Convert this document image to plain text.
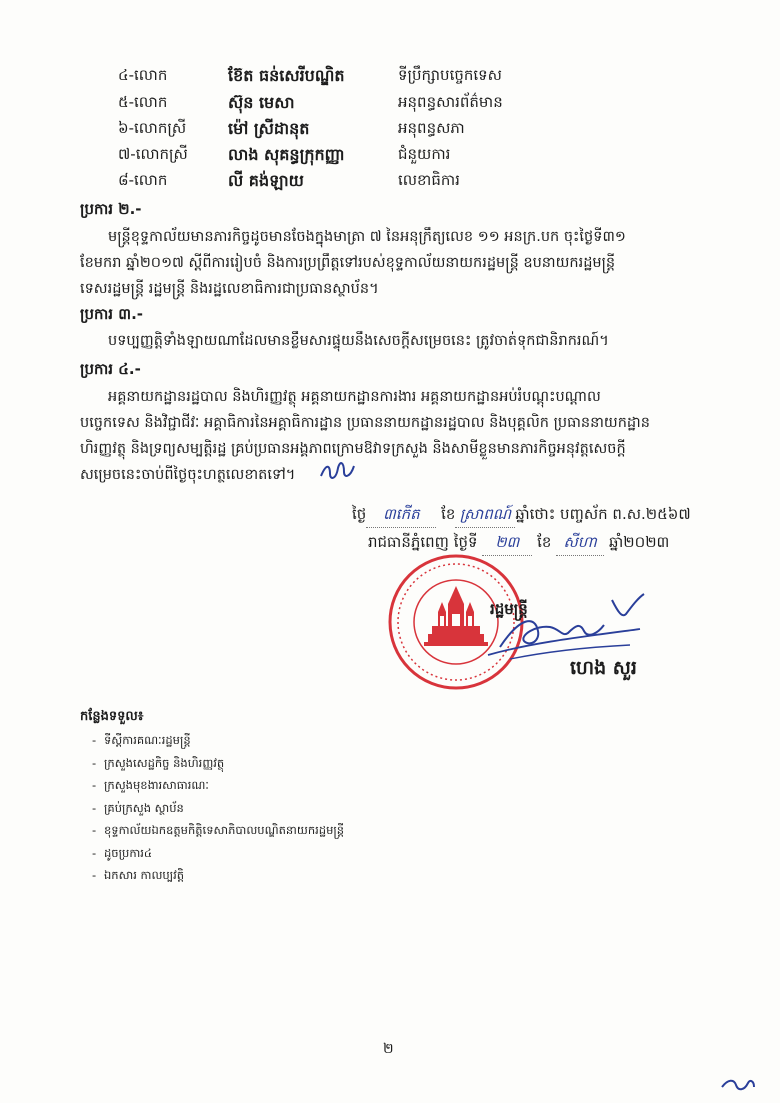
៤-លោក	ខ៊ែត ធន់សេរីបណ្ឌិត	ទីប្រឹក្សាបច្ចេកទេស
៥-លោក	ស៊ុន មេសា	អនុពន្ធសារព័ត៌មាន
៦-លោកស្រី	ម៉ៅ ស្រីដានុត	អនុពន្ធសភា
៧-លោកស្រី	លាង សុគន្ធក្រុកញ្ញា	ជំនួយការ
៨-លោក	លី គង់ឡាយ	លេខាធិការ
ប្រការ ២.-
មន្ត្រីខុទ្ទកាល័យមានភារកិច្ចដូចមានចែងក្នុងមាត្រា ៧ នៃអនុក្រឹត្យលេខ ១១ អនក្រ.បក ចុះថ្ងៃទី៣១
ខែមករា ឆ្នាំ២០១៧ ស្តីពីការរៀបចំ និងការប្រព្រឹត្តទៅរបស់ខុទ្ទកាល័យនាយករដ្ឋមន្ត្រី ឧបនាយករដ្ឋមន្ត្រី
ទេសរដ្ឋមន្ត្រី រដ្ឋមន្ត្រី និងរដ្ឋលេខាធិការជាប្រធានស្ថាប័ន។
ប្រការ ៣.-
បទប្បញ្ញត្តិទាំងឡាយណាដែលមានខ្លឹមសារផ្ទុយនឹងសេចក្តីសម្រេចនេះ ត្រូវចាត់ទុកជានិរាករណ៍។
ប្រការ ៤.-
អគ្គនាយកដ្ឋានរដ្ឋបាល និងហិរញ្ញវត្ថុ អគ្គនាយកដ្ឋានការងារ អគ្គនាយកដ្ឋានអប់រំបណ្តុះបណ្តាល
បច្ចេកទេស និងវិជ្ជាជីវៈ អគ្គាធិការនៃអគ្គាធិការដ្ឋាន ប្រធាននាយកដ្ឋានរដ្ឋបាល និងបុគ្គលិក ប្រធាននាយកដ្ឋាន
ហិរញ្ញវត្ថុ និងទ្រព្យសម្បត្តិរដ្ឋ គ្រប់ប្រធានអង្គភាពក្រោមឱវាទក្រសួង និងសាមីខ្លួនមានភារកិច្ចអនុវត្តសេចក្តី
សម្រេចនេះចាប់ពីថ្ងៃចុះហត្ថលេខាតទៅ។
ថ្ងៃ ៣កើត ខែ ស្រាពណ៍ ឆ្នាំថោះ បញ្ចស័ក ព.ស.២៥៦៧
រាជធានីភ្នំពេញ ថ្ងៃទី ២៣ ខែ សីហា ឆ្នាំ២០២៣
រដ្ឋមន្ត្រី
ហេង សួរ
កន្លែងទទួល៖
- ទីស្តីការគណៈរដ្ឋមន្ត្រី
- ក្រសួងសេដ្ឋកិច្ច និងហិរញ្ញវត្ថុ
- ក្រសួងមុខងារសាធារណៈ
- គ្រប់ក្រសួង ស្ថាប័ន
- ខុទ្ទកាល័យឯកឧត្តមកិត្តិទេសាភិបាលបណ្ឌិតនាយករដ្ឋមន្ត្រី
- ដូចប្រការ៤
- ឯកសារ កាលប្បវត្តិ
២
